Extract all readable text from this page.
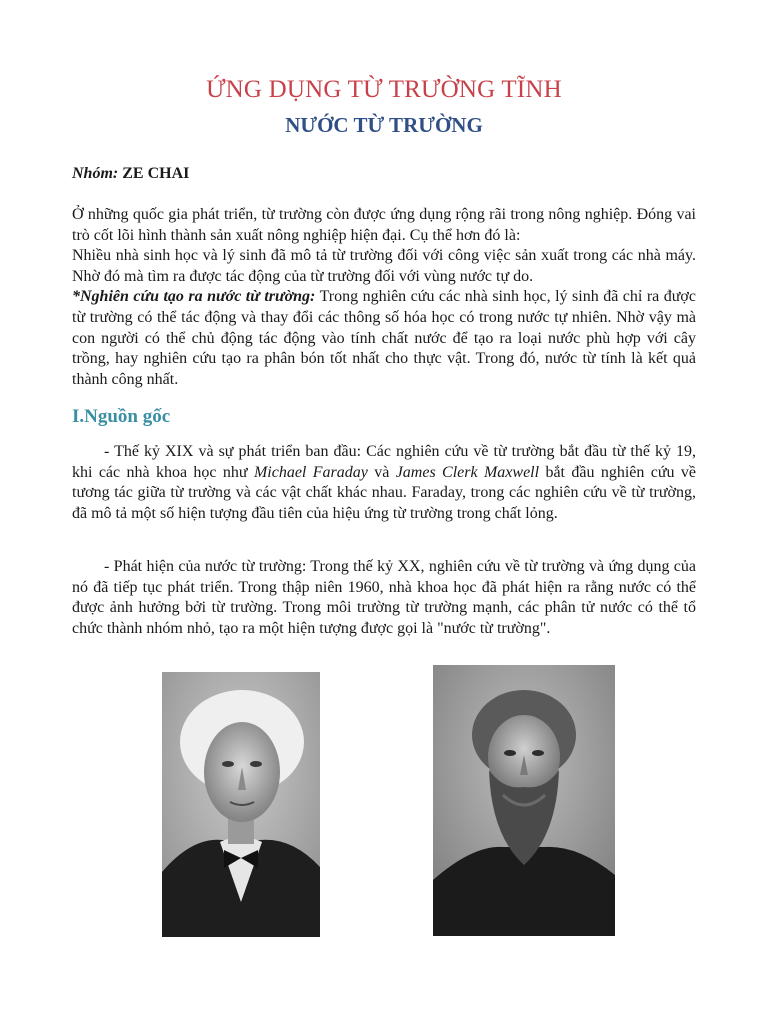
ỨNG DỤNG TỪ TRƯỜNG TĨNH
NƯỚC TỪ TRƯỜNG
Nhóm: ZE CHAI
Ở những quốc gia phát triển, từ trường còn được ứng dụng rộng rãi trong nông nghiệp. Đóng vai trò cốt lõi hình thành sản xuất nông nghiệp hiện đại. Cụ thể hơn đó là:
Nhiều nhà sinh học và lý sinh đã mô tả từ trường đối với công việc sản xuất trong các nhà máy. Nhờ đó mà tìm ra được tác động của từ trường đối với vùng nước tự do.
*Nghiên cứu tạo ra nước từ trường: Trong nghiên cứu các nhà sinh học, lý sinh đã chỉ ra được từ trường có thể tác động và thay đổi các thông số hóa học có trong nước tự nhiên. Nhờ vậy mà con người có thể chủ động tác động vào tính chất nước để tạo ra loại nước phù hợp với cây trồng, hay nghiên cứu tạo ra phân bón tốt nhất cho thực vật. Trong đó, nước từ tính là kết quả thành công nhất.
I.Nguồn gốc
- Thế kỷ XIX và sự phát triển ban đầu: Các nghiên cứu về từ trường bắt đầu từ thế kỷ 19, khi các nhà khoa học như Michael Faraday và James Clerk Maxwell bắt đầu nghiên cứu về tương tác giữa từ trường và các vật chất khác nhau. Faraday, trong các nghiên cứu về từ trường, đã mô tả một số hiện tượng đầu tiên của hiệu ứng từ trường trong chất lỏng.
- Phát hiện của nước từ trường: Trong thế kỷ XX, nghiên cứu về từ trường và ứng dụng của nó đã tiếp tục phát triển. Trong thập niên 1960, nhà khoa học đã phát hiện ra rằng nước có thể được ảnh hưởng bởi từ trường. Trong môi trường từ trường mạnh, các phân tử nước có thể tổ chức thành nhóm nhỏ, tạo ra một hiện tượng được gọi là "nước từ trường".
